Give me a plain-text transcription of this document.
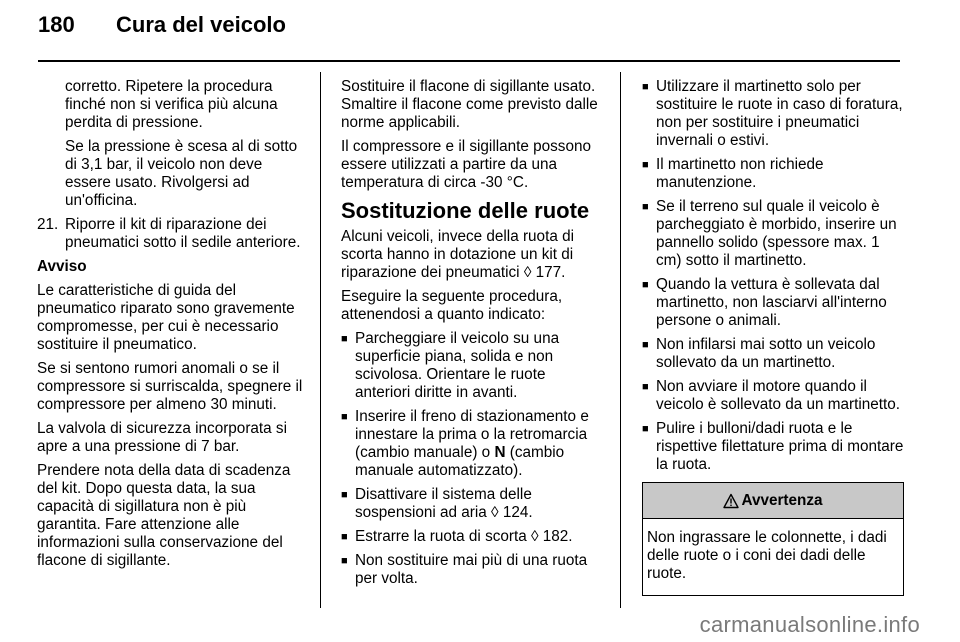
180	Cura del veicolo

corretto. Ripetere la procedura finché non si verifica più alcuna perdita di pressione.

Se la pressione è scesa al di sotto di 3,1 bar, il veicolo non deve essere usato. Rivolgersi ad un'officina.

21. Riporre il kit di riparazione dei pneumatici sotto il sedile anteriore.

Avviso

Le caratteristiche di guida del pneumatico riparato sono gravemente compromesse, per cui è necessario sostituire il pneumatico.

Se si sentono rumori anomali o se il compressore si surriscalda, spegnere il compressore per almeno 30 minuti.

La valvola di sicurezza incorporata si apre a una pressione di 7 bar.

Prendere nota della data di scadenza del kit. Dopo questa data, la sua capacità di sigillatura non è più garantita. Fare attenzione alle informazioni sulla conservazione del flacone di sigillante.

Sostituire il flacone di sigillante usato. Smaltire il flacone come previsto dalle norme applicabili.

Il compressore e il sigillante possono essere utilizzati a partire da una temperatura di circa -30 °C.

Sostituzione delle ruote

Alcuni veicoli, invece della ruota di scorta hanno in dotazione un kit di riparazione dei pneumatici ◊ 177.

Eseguire la seguente procedura, attenendosi a quanto indicato:

■ Parcheggiare il veicolo su una superficie piana, solida e non scivolosa. Orientare le ruote anteriori diritte in avanti.
■ Inserire il freno di stazionamento e innestare la prima o la retromarcia (cambio manuale) o N (cambio manuale automatizzato).
■ Disattivare il sistema delle sospensioni ad aria ◊ 124.
■ Estrarre la ruota di scorta ◊ 182.
■ Non sostituire mai più di una ruota per volta.
■ Utilizzare il martinetto solo per sostituire le ruote in caso di foratura, non per sostituire i pneumatici invernali o estivi.
■ Il martinetto non richiede manutenzione.
■ Se il terreno sul quale il veicolo è parcheggiato è morbido, inserire un pannello solido (spessore max. 1 cm) sotto il martinetto.
■ Quando la vettura è sollevata dal martinetto, non lasciarvi all'interno persone o animali.
■ Non infilarsi mai sotto un veicolo sollevato da un martinetto.
■ Non avviare il motore quando il veicolo è sollevato da un martinetto.
■ Pulire i bulloni/dadi ruota e le rispettive filettature prima di montare la ruota.
Avvertenza
Non ingrassare le colonnette, i dadi delle ruote o i coni dei dadi delle ruote.
carmanualsonline.info
